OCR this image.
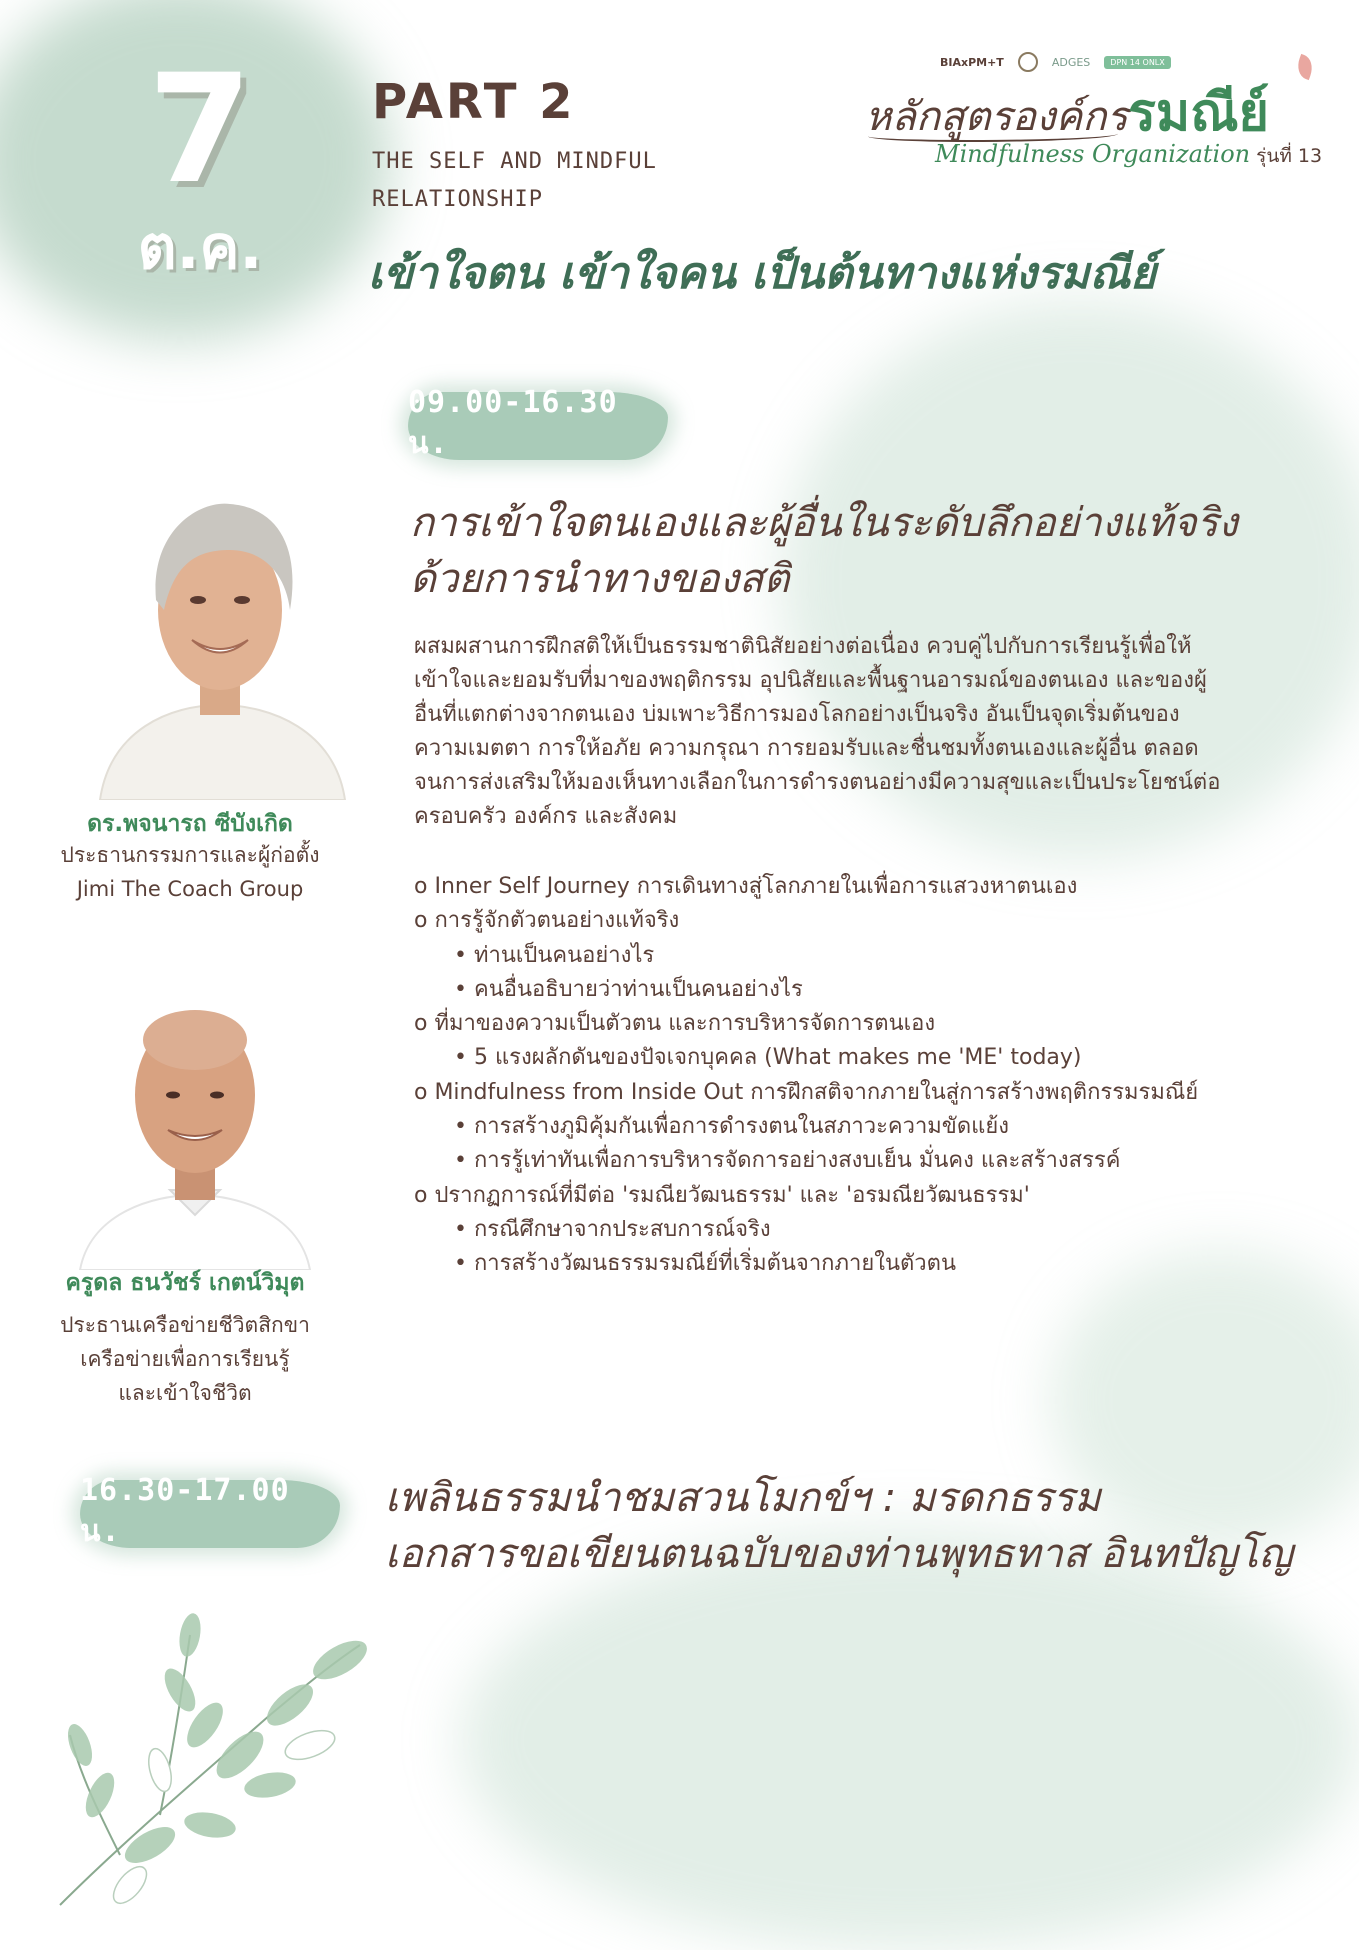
7
ต.ค.
PART 2
THE SELF AND MINDFUL
RELATIONSHIP
เข้าใจตน เข้าใจคน เป็นต้นทางแห่งรมณีย์
BIAxPM+T	ADGES	DPN 14 ONLX
หลักสูตรองค์กรรมณีย์
Mindfulness Organization รุ่นที่ 13
09.00-16.30 น.
การเข้าใจตนเองและผู้อื่นในระดับลึกอย่างแท้จริง
ด้วยการนำทางของสติ
ผสมผสานการฝึกสติให้เป็นธรรมชาตินิสัยอย่างต่อเนื่อง ควบคู่ไปกับการเรียนรู้เพื่อให้
เข้าใจและยอมรับที่มาของพฤติกรรม อุปนิสัยและพื้นฐานอารมณ์ของตนเอง และของผู้
อื่นที่แตกต่างจากตนเอง บ่มเพาะวิธีการมองโลกอย่างเป็นจริง อันเป็นจุดเริ่มต้นของ
ความเมตตา การให้อภัย ความกรุณา การยอมรับและชื่นชมทั้งตนเองและผู้อื่น ตลอด
จนการส่งเสริมให้มองเห็นทางเลือกในการดำรงตนอย่างมีความสุขและเป็นประโยชน์ต่อ
ครอบครัว องค์กร และสังคม
o Inner Self Journey การเดินทางสู่โลกภายในเพื่อการแสวงหาตนเอง
o การรู้จักตัวตนอย่างแท้จริง
• ท่านเป็นคนอย่างไร
• คนอื่นอธิบายว่าท่านเป็นคนอย่างไร
o ที่มาของความเป็นตัวตน และการบริหารจัดการตนเอง
• 5 แรงผลักดันของปัจเจกบุคคล (What makes me 'ME' today)
o Mindfulness from Inside Out การฝึกสติจากภายในสู่การสร้างพฤติกรรมรมณีย์
• การสร้างภูมิคุ้มกันเพื่อการดำรงตนในสภาวะความขัดแย้ง
• การรู้เท่าทันเพื่อการบริหารจัดการอย่างสงบเย็น มั่นคง และสร้างสรรค์
o ปรากฏการณ์ที่มีต่อ 'รมณียวัฒนธรรม' และ 'อรมณียวัฒนธรรม'
• กรณีศึกษาจากประสบการณ์จริง
• การสร้างวัฒนธรรมรมณีย์ที่เริ่มต้นจากภายในตัวตน
ดร.พจนารถ ซีบังเกิด
ประธานกรรมการและผู้ก่อตั้ง
Jimi The Coach Group
ครูดล ธนวัชร์ เกตน์วิมุต
ประธานเครือข่ายชีวิตสิกขา
เครือข่ายเพื่อการเรียนรู้
และเข้าใจชีวิต
16.30-17.00 น.
เพลินธรรมนำชมสวนโมกข์ฯ : มรดกธรรม
เอกสารขอเขียนตนฉบับของท่านพุทธทาส อินทปัญโญ
